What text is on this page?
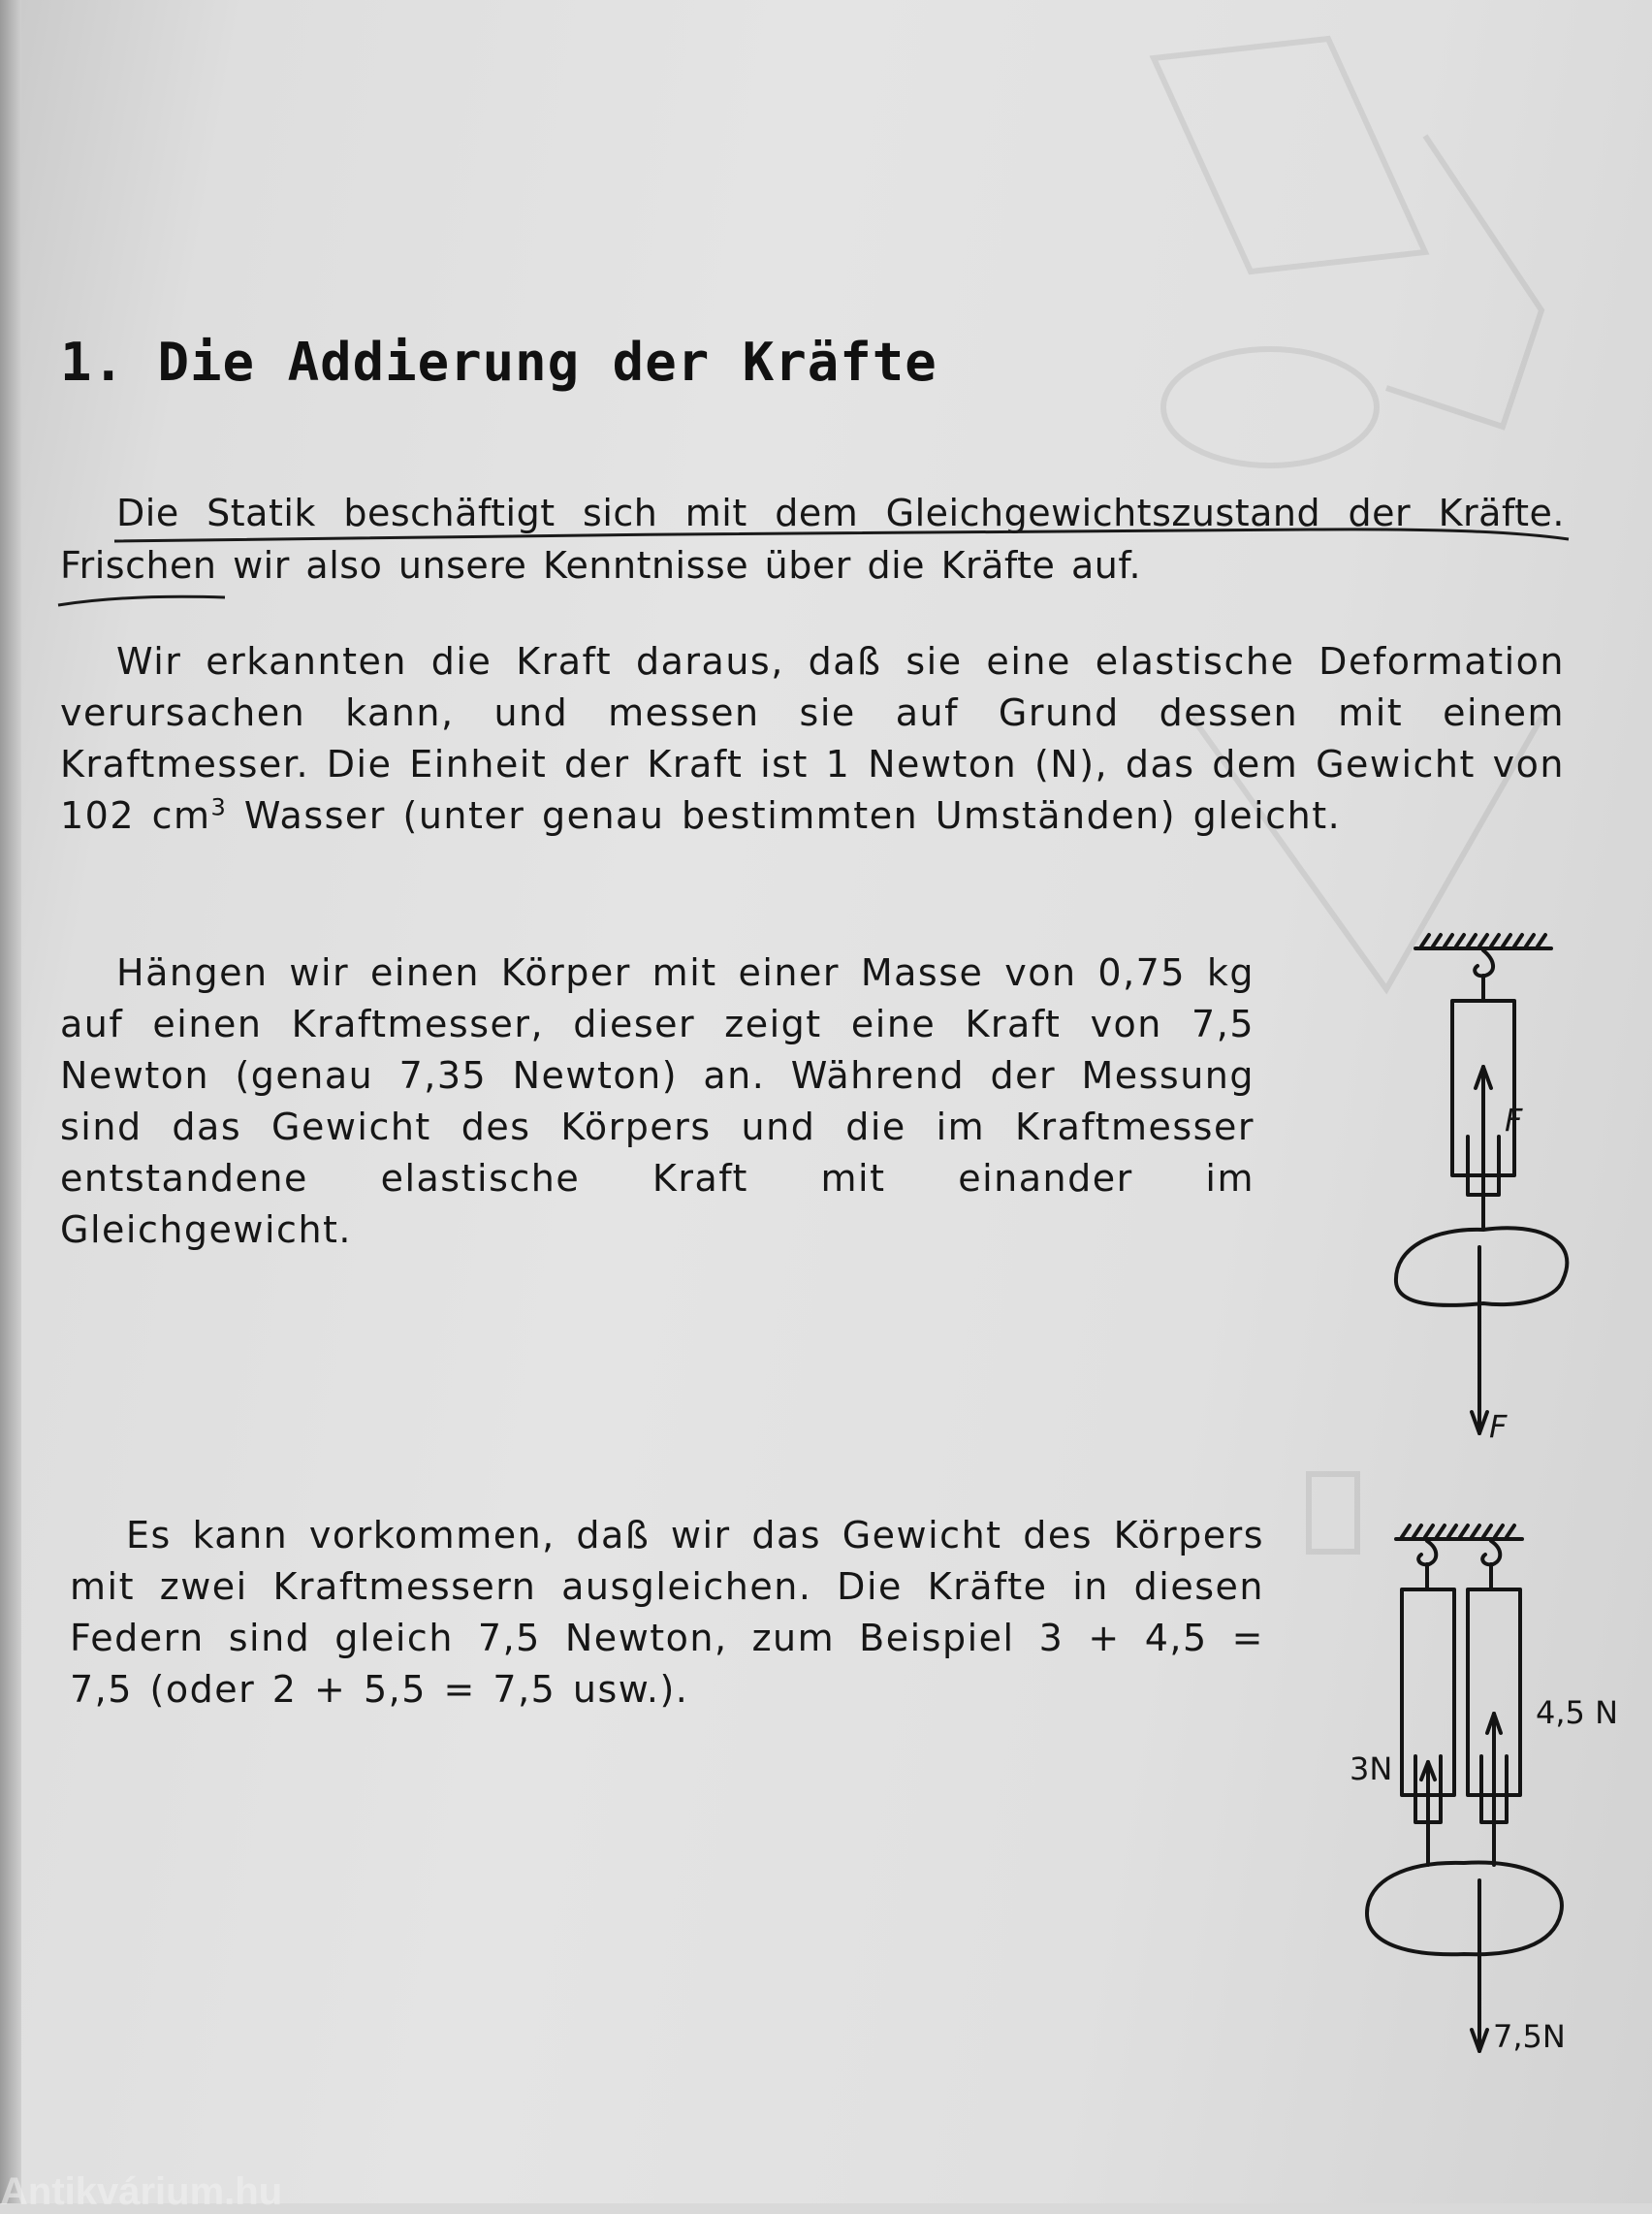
1. Die Addierung der Kräfte

Die Statik beschäftigt sich mit dem Gleichgewichtszustand der Kräfte. Frischen wir also unsere Kenntnisse über die Kräfte auf.

Wir erkannten die Kraft daraus, daß sie eine elastische Deformation verursachen kann, und messen sie auf Grund dessen mit einem Kraftmesser. Die Einheit der Kraft ist 1 Newton (N), das dem Gewicht von 102 $cm^3$ Wasser (unter genau bestimmten Umständen) gleicht.

Hängen wir einen Körper mit einer Masse von 0,75 kg auf einen Kraftmesser, dieser zeigt eine Kraft von 7,5 Newton (genau 7,35 Newton) an. Während der Messung sind das Gewicht des Körpers und die im Kraftmesser entstandene elastische Kraft mit einander im Gleichgewicht.

Es kann vorkommen, daß wir das Gewicht des Körpers mit zwei Kraftmessern ausgleichen. Die Kräfte in diesen Federn sind gleich 7,5 Newton, zum Beispiel 3 + 4,5 = 7,5 (oder 2 + 5,5 = 7,5 usw.).

F
F
3N
4,5 N
7,5N
Antikvárium.hu
